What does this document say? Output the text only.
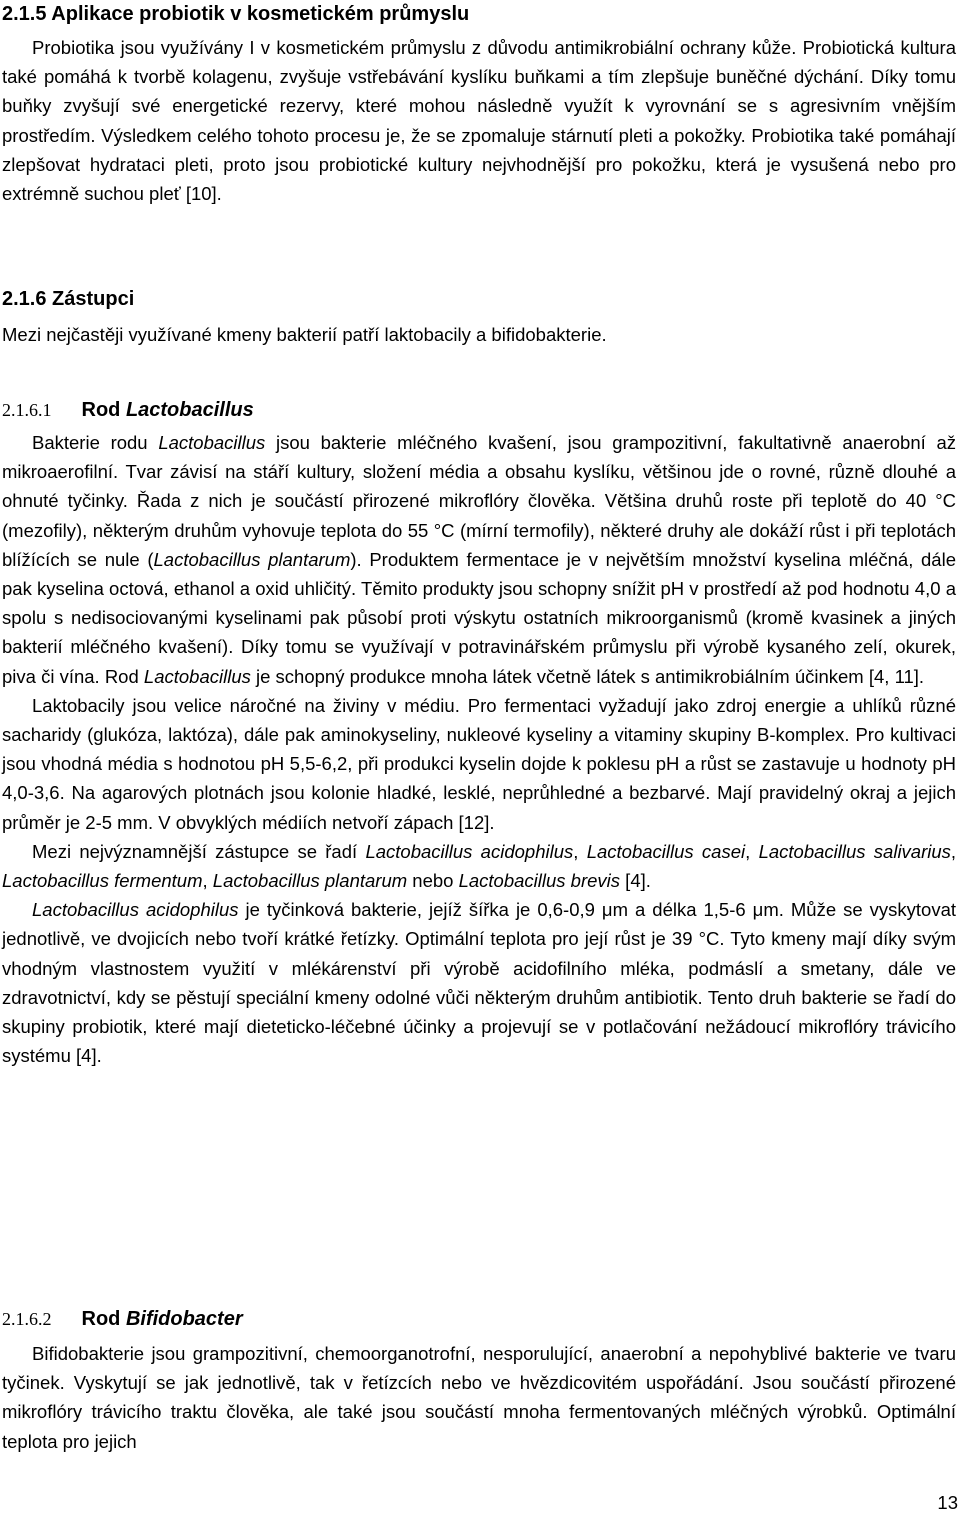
2.1.5 Aplikace probiotik v kosmetickém průmyslu

Probiotika jsou využívány I v kosmetickém průmyslu z důvodu antimikrobiální ochrany kůže. Probiotická kultura také pomáhá k tvorbě kolagenu, zvyšuje vstřebávání kyslíku buňkami a tím zlepšuje buněčné dýchání. Díky tomu buňky zvyšují své energetické rezervy, které mohou následně využít k vyrovnání se s agresivním vnějším prostředím. Výsledkem celého tohoto procesu je, že se zpomaluje stárnutí pleti a pokožky. Probiotika také pomáhají zlepšovat hydrataci pleti, proto jsou probiotické kultury nejvhodnější pro pokožku, která je vysušená nebo pro extrémně suchou pleť [10].

2.1.6 Zástupci

Mezi nejčastěji využívané kmeny bakterií patří laktobacily a bifidobakterie.

2.1.6.1 Rod Lactobacillus

Bakterie rodu Lactobacillus jsou bakterie mléčného kvašení, jsou grampozitivní, fakultativně anaerobní až mikroaerofilní. Tvar závisí na stáří kultury, složení média a obsahu kyslíku, většinou jde o rovné, různě dlouhé a ohnuté tyčinky. Řada z nich je součástí přirozené mikroflóry člověka. Většina druhů roste při teplotě do 40 °C (mezofily), některým druhům vyhovuje teplota do 55 °C (mírní termofily), některé druhy ale dokáží růst i při teplotách blížících se nule (Lactobacillus plantarum). Produktem fermentace je v největším množství kyselina mléčná, dále pak kyselina octová, ethanol a oxid uhličitý. Těmito produkty jsou schopny snížit pH v prostředí až pod hodnotu 4,0 a spolu s nedisociovanými kyselinami pak působí proti výskytu ostatních mikroorganismů (kromě kvasinek a jiných bakterií mléčného kvašení). Díky tomu se využívají v potravinářském průmyslu při výrobě kysaného zelí, okurek, piva či vína. Rod Lactobacillus je schopný produkce mnoha látek včetně látek s antimikrobiálním účinkem [4, 11].

Laktobacily jsou velice náročné na živiny v médiu. Pro fermentaci vyžadují jako zdroj energie a uhlíků různé sacharidy (glukóza, laktóza), dále pak aminokyseliny, nukleové kyseliny a vitaminy skupiny B-komplex. Pro kultivaci jsou vhodná média s hodnotou pH 5,5-6,2, při produkci kyselin dojde k poklesu pH a růst se zastavuje u hodnoty pH 4,0-3,6. Na agarových plotnách jsou kolonie hladké, lesklé, neprůhledné a bezbarvé. Mají pravidelný okraj a jejich průměr je 2-5 mm. V obvyklých médiích netvoří zápach [12].

Mezi nejvýznamnější zástupce se řadí Lactobacillus acidophilus, Lactobacillus casei, Lactobacillus salivarius, Lactobacillus fermentum, Lactobacillus plantarum nebo Lactobacillus brevis [4].

Lactobacillus acidophilus je tyčinková bakterie, jejíž šířka je 0,6-0,9 μm a délka 1,5-6 μm. Může se vyskytovat jednotlivě, ve dvojicích nebo tvoří krátké řetízky. Optimální teplota pro její růst je 39 °C. Tyto kmeny mají díky svým vhodným vlastnostem využití v mlékárenství při výrobě acidofilního mléka, podmáslí a smetany, dále ve zdravotnictví, kdy se pěstují speciální kmeny odolné vůči některým druhům antibiotik. Tento druh bakterie se řadí do skupiny probiotik, které mají dieteticko-léčebné účinky a projevují se v potlačování nežádoucí mikroflóry trávicího systému [4].

2.1.6.2 Rod Bifidobacter

Bifidobakterie jsou grampozitivní, chemoorganotrofní, nesporulující, anaerobní a nepohyblivé bakterie ve tvaru tyčinek. Vyskytují se jak jednotlivě, tak v řetízcích nebo ve hvězdicovitém uspořádání. Jsou součástí přirozené mikroflóry trávicího traktu člověka, ale také jsou součástí mnoha fermentovaných mléčných výrobků. Optimální teplota pro jejich

13
